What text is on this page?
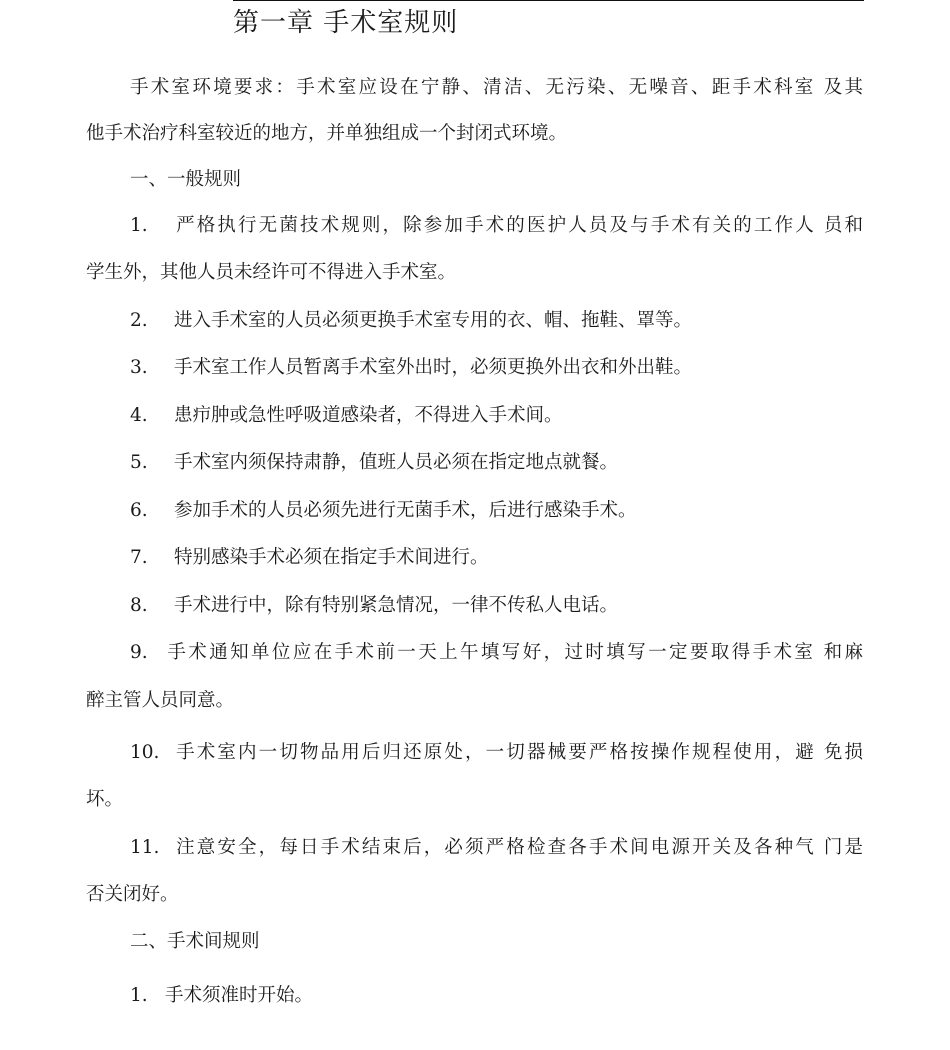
第一章 手术室规则
手术室环境要求：手术室应设在宁静、清洁、无污染、无噪音、距手术科室 及其
他手术治疗科室较近的地方，并单独组成一个封闭式环境。
一、一般规则
1. 严格执行无菌技术规则，除参加手术的医护人员及与手术有关的工作人 员和
学生外，其他人员未经许可不得进入手术室。
2. 进入手术室的人员必须更换手术室专用的衣、帽、拖鞋、罩等。
3. 手术室工作人员暂离手术室外出时，必须更换外出衣和外出鞋。
4. 患疖肿或急性呼吸道感染者，不得进入手术间。
5. 手术室内须保持肃静，值班人员必须在指定地点就餐。
6. 参加手术的人员必须先进行无菌手术，后进行感染手术。
7. 特别感染手术必须在指定手术间进行。
8. 手术进行中，除有特别紧急情况，一律不传私人电话。
9. 手术通知单位应在手术前一天上午填写好，过时填写一定要取得手术室 和麻
醉主管人员同意。
10. 手术室内一切物品用后归还原处，一切器械要严格按操作规程使用，避 免损
坏。
11. 注意安全，每日手术结束后，必须严格检查各手术间电源开关及各种气 门是
否关闭好。
二、手术间规则
1. 手术须准时开始。
